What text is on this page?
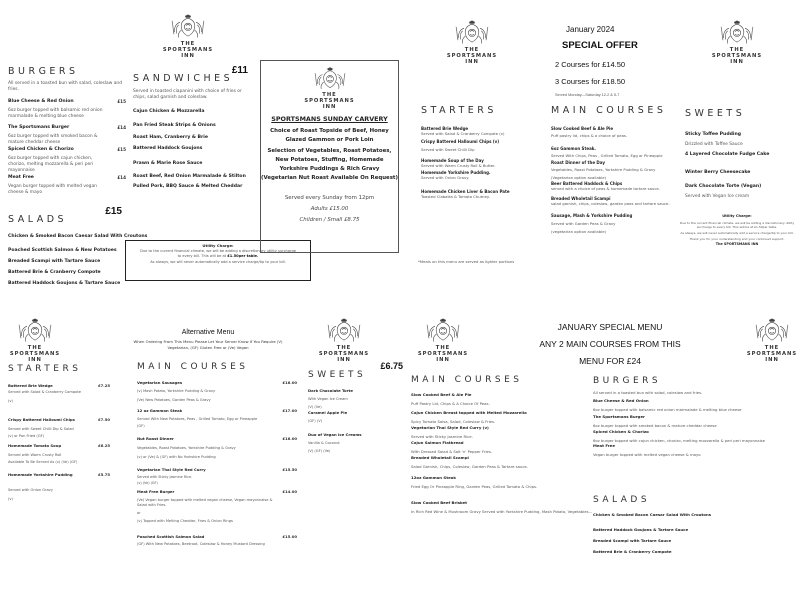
THE
SPORTSMANS
INN
BURGERS
All served in a toasted bun with salad, coleslaw and fries.
Blue Cheese & Red Onion	£15
6oz burger topped with balsamic red onion marmalade & melting blue cheese
The Sportsmans Burger	£14
6oz burger topped with smoked bacon & mature cheddar cheese
Spiced Chicken & Chorizo	£15
6oz burger topped with cajun chicken, chorizo, melting mozzarella & peri peri mayonnaise
Meat Free	£14
Vegan burger topped with melted vegan cheese & mayo
SALADS
£15
Chicken & Smoked Bacon Caesar Salad With Croutons
Poached Scottish Salmon & New Potatoes
Breaded Scampi with Tartare Sauce
Battered Brie & Cranberry Compote
Battered Haddock Goujons & Tartare Sauce
SANDWICHES
£11
Served in toasted ciapanini with choice of fries or chips, salad garnish and coleslaw.
Cajun Chicken & Mozzarella
Pan Fried Steak Strips & Onions
Roast Ham, Cranberry & Brie
Battered Haddock Goujons
Prawn & Marie Rose Sauce
Roast Beef, Red Onion Marmalade & Stilton
Pulled Pork, BBQ Sauce & Melted Cheddar
Utility Charge:
Due to the current financial climate, we will be adding a discretionary utility surcharge
to every bill. This will be at £1.50per table.
As always, we will never automatically add a service charge/tip to your bill.
THE
SPORTSMANS
INN
SPORTSMANS SUNDAY CARVERY
Choice of Roast Topside of Beef, Honey Glazed Gammon or Pork Loin
Selection of Vegetables, Roast Potatoes, New Potatoes, Stuffing, Homemade Yorkshire Puddings & Rich Gravy
(Vegetarian Nut Roast Available On Request)
Served every Sunday from 12pm
Adults £15.00
Children / Small £8.75
THE
SPORTSMANS
INN
January 2024
SPECIAL OFFER
2 Courses for £14.50
3 Courses for £18.50
Served Monday—Saturday 12-2 & 5-7
STARTERS
Battered Brie Wedge
Served with Salad & Cranberry Compote (v)
Crispy Battered Halloumi Chips (v)
Served with Sweet Chilli Dip
Homemade Soup of the Day
Served with Warm Crusty Roll & Butter.
Homemade Yorkshire Pudding.
Served with Onion Gravy.
Homemade Chicken Liver & Bacon Pate
Toasted Ciabatta & Tomato Chutney.
*Meals on this menu are served as lighter portions
MAIN COURSES
Slow Cooked Beef & Ale Pie
Puff pastry lid, chips & a choice of peas.
6oz Gammon Steak.
Served With Chips, Peas , Grilled Tomato, Egg or Pineapple
Roast Dinner of the Day
Vegetables, Roast Potatoes, Yorkshire Pudding & Gravy
(Vegetarian option available)
Beer Battered Haddock & Chips
served with a choice of peas & homemade tartare sauce.
Breaded Wholetail Scampi
salad garnish, chips, coleslaw, garden peas and tartare sauce.
Sausage, Mash & Yorkshire Pudding
Served with Garden Peas & Gravy
(vegetarian option available)
THE
SPORTSMANS
INN
SWEETS
Sticky Toffee Pudding
Drizzled with Toffee Sauce
4 Layered Chocolate Fudge Cake
Winter Berry Cheesecake
Dark Chocolate Torte (Vegan)
Served with Vegan Ice cream
Utility Charge:
Due to the current financial climate, we will be adding a discretionary utility surcharge to every bill. This will be at £1.50per table.
As always, we will never automatically add a service charge/tip to your bill.
Thank you for your understanding and your continued support.
The SPORTSMANS INN
THE
SPORTSMANS
INN
STARTERS
Battered Brie Wedge	£7.25
Served with Salad & Cranberry Compote
(v)
Crispy Battered Halloumi Chips	£7.50
Served with Sweet Chilli Dip & Salad
(v) or Pan Fried (GF)
Homemade Tomato Soup	£6.25
Served with Warm Crusty Roll
Available To Be Served As (v) (Ve) (GF)
Homemade Yorkshire Pudding	£5.75
Served with Onion Gravy
(v)
Alternative Menu
When Ordering From This Menu Please Let Your Server Know If You Require (V) Vegetarian, (GF) Gluten Free or (Ve) Vegan
MAIN COURSES
Vegetarian Sausages	£16.00
(v) Mash Potato, Yorkshire Pudding & Gravy
(Ve) New Potatoes, Garden Peas & Gravy
12 oz Gammon Steak	£17.00
Served With New Potatoes, Peas , Grilled Tomato, Egg or Pineapple
(GF)
Nut Roast Dinner	£16.00
Vegetables, Roast Potatoes, Yorkshire Pudding & Gravy
(v) or (Ve) & (GF) with No Yorkshire Pudding
Vegetarian Thai Style Red Curry	£15.50
Served with Sticky Jasmine Rice.
(v) (Ve) (GF)
Meat Free Burger	£14.00
(Ve) Vegan burger topped with melted vegan cheese, Vegan mayonnaise & Salad with Fries.
or
(v) Topped with Melting Cheddar, Fries & Onion Rings
Poached Scottish Salmon Salad	£15.00
(GF) With New Potatoes, Beetroot, Coleslaw & Honey Mustard Dressing
THE
SPORTSMANS
INN
SWEETS
£6.75
Dark Chocolate Torte
With Vegan Ice Cream
(V) (Ve)
Caramel Apple Pie
(GF) (V)
Duo of Vegan Ice Creams
Vanilla & Coconut
(V) (GF) (Ve)
THE
SPORTSMANS
INN
JANUARY SPECIAL MENU
ANY 2 MAIN COURSES FROM THIS
MENU FOR £24
THE
SPORTSMANS
INN
MAIN COURSES
Slow Cooked Beef & Ale Pie
Puff Pastry Lid, Chips & A Choice Of Peas.
Cajun Chicken Breast topped with Melted Mozzarella
Spicy Tomato Salsa, Salad, Coleslaw & Fries.
Vegetarian Thai Style Red Curry (v)
Served with Sticky Jasmine Rice.
Cajun Salmon Flatbread
With Dressed Salad & Salt 'n' Pepper Fries.
Breaded Wholetail Scampi
Salad Garnish, Chips, Coleslaw, Garden Peas & Tartare sauce.
12oz Gammon Steak
Fried Egg Or Pineapple Ring, Garden Peas, Grilled Tomato & Chips.
Slow Cooked Beef Brisket
In Rich Red Wine & Mushroom Gravy Served with Yorkshire Pudding, Mash Potato, Vegetables...
BURGERS
All served in a toasted bun with salad, coleslaw and fries.
Blue Cheese & Red Onion
6oz burger topped with balsamic red onion marmalade & melting blue cheese
The Sportsmans Burger
6oz burger topped with smoked bacon & mature cheddar cheese
Spiced Chicken & Chorizo
6oz burger topped with cajun chicken, chorizo, melting mozzarella & peri peri mayonnaise
Meat Free
Vegan burger topped with melted vegan cheese & mayo
SALADS
Chicken & Smoked Bacon Caesar Salad With Croutons
Battered Haddock Goujons & Tartare Sauce
Breaded Scampi with Tartare Sauce
Battered Brie & Cranberry Compote
